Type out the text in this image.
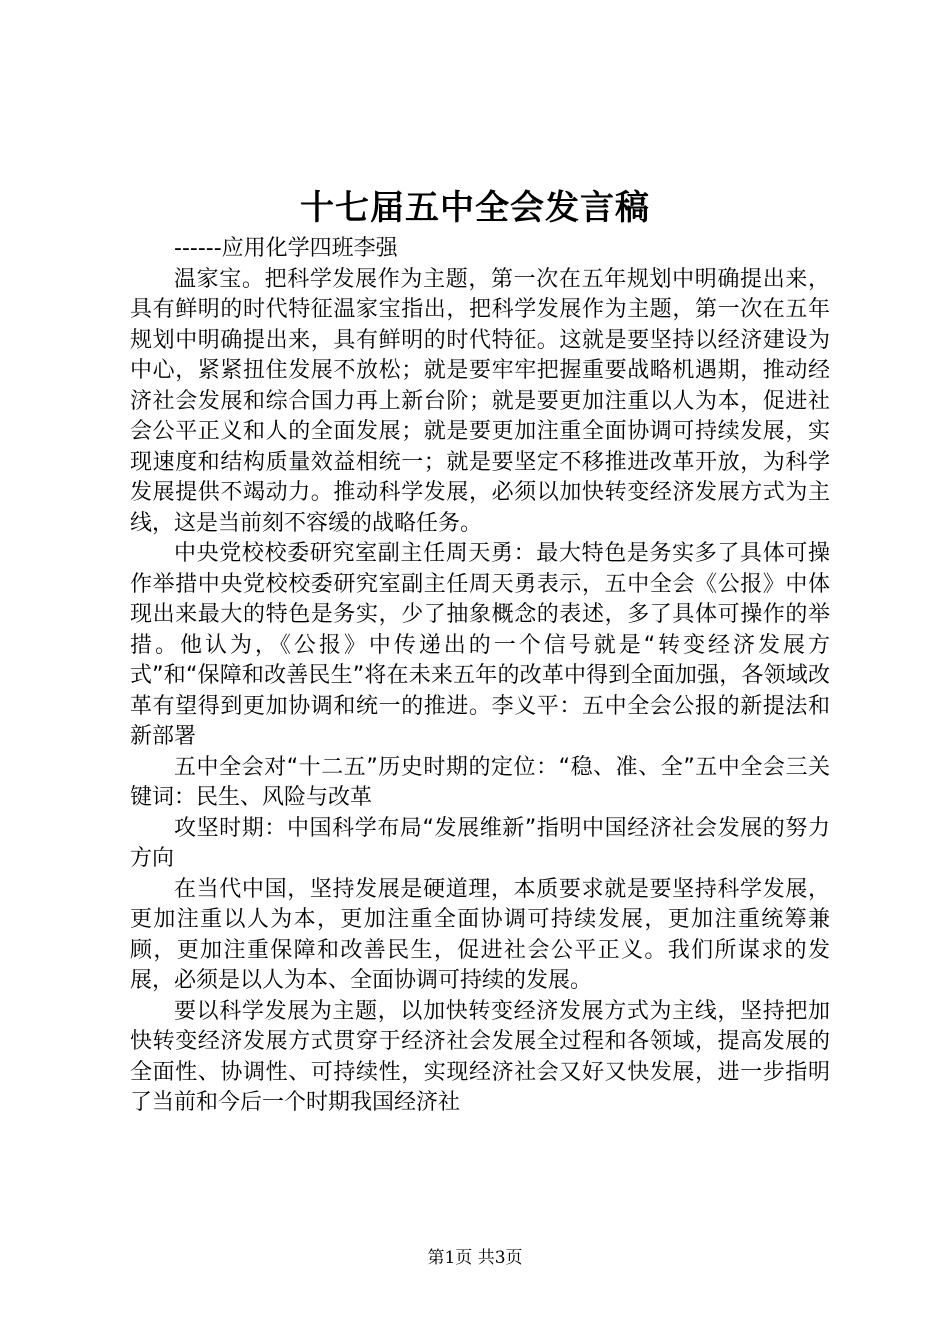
十七届五中全会发言稿

------应用化学四班李强

温家宝。把科学发展作为主题，第一次在五年规划中明确提出来，具有鲜明的时代特征温家宝指出，把科学发展作为主题，第一次在五年规划中明确提出来，具有鲜明的时代特征。这就是要坚持以经济建设为中心，紧紧扭住发展不放松；就是要牢牢把握重要战略机遇期，推动经济社会发展和综合国力再上新台阶；就是要更加注重以人为本，促进社会公平正义和人的全面发展；就是要更加注重全面协调可持续发展，实现速度和结构质量效益相统一；就是要坚定不移推进改革开放，为科学发展提供不竭动力。推动科学发展，必须以加快转变经济发展方式为主线，这是当前刻不容缓的战略任务。

中央党校校委研究室副主任周天勇：最大特色是务实多了具体可操作举措中央党校校委研究室副主任周天勇表示，五中全会《公报》中体现出来最大的特色是务实，少了抽象概念的表述，多了具体可操作的举措。他认为，《公报》中传递出的一个信号就是“转变经济发展方式”和“保障和改善民生”将在未来五年的改革中得到全面加强，各领域改革有望得到更加协调和统一的推进。李义平：五中全会公报的新提法和新部署

五中全会对“十二五”历史时期的定位：“稳、准、全”五中全会三关键词：民生、风险与改革

攻坚时期：中国科学布局“发展维新”指明中国经济社会发展的努力方向

在当代中国，坚持发展是硬道理，本质要求就是要坚持科学发展，更加注重以人为本，更加注重全面协调可持续发展，更加注重统筹兼顾，更加注重保障和改善民生，促进社会公平正义。我们所谋求的发展，必须是以人为本、全面协调可持续的发展。

要以科学发展为主题，以加快转变经济发展方式为主线，坚持把加快转变经济发展方式贯穿于经济社会发展全过程和各领域，提高发展的全面性、协调性、可持续性，实现经济社会又好又快发展，进一步指明了当前和今后一个时期我国经济社

第1页 共3页
